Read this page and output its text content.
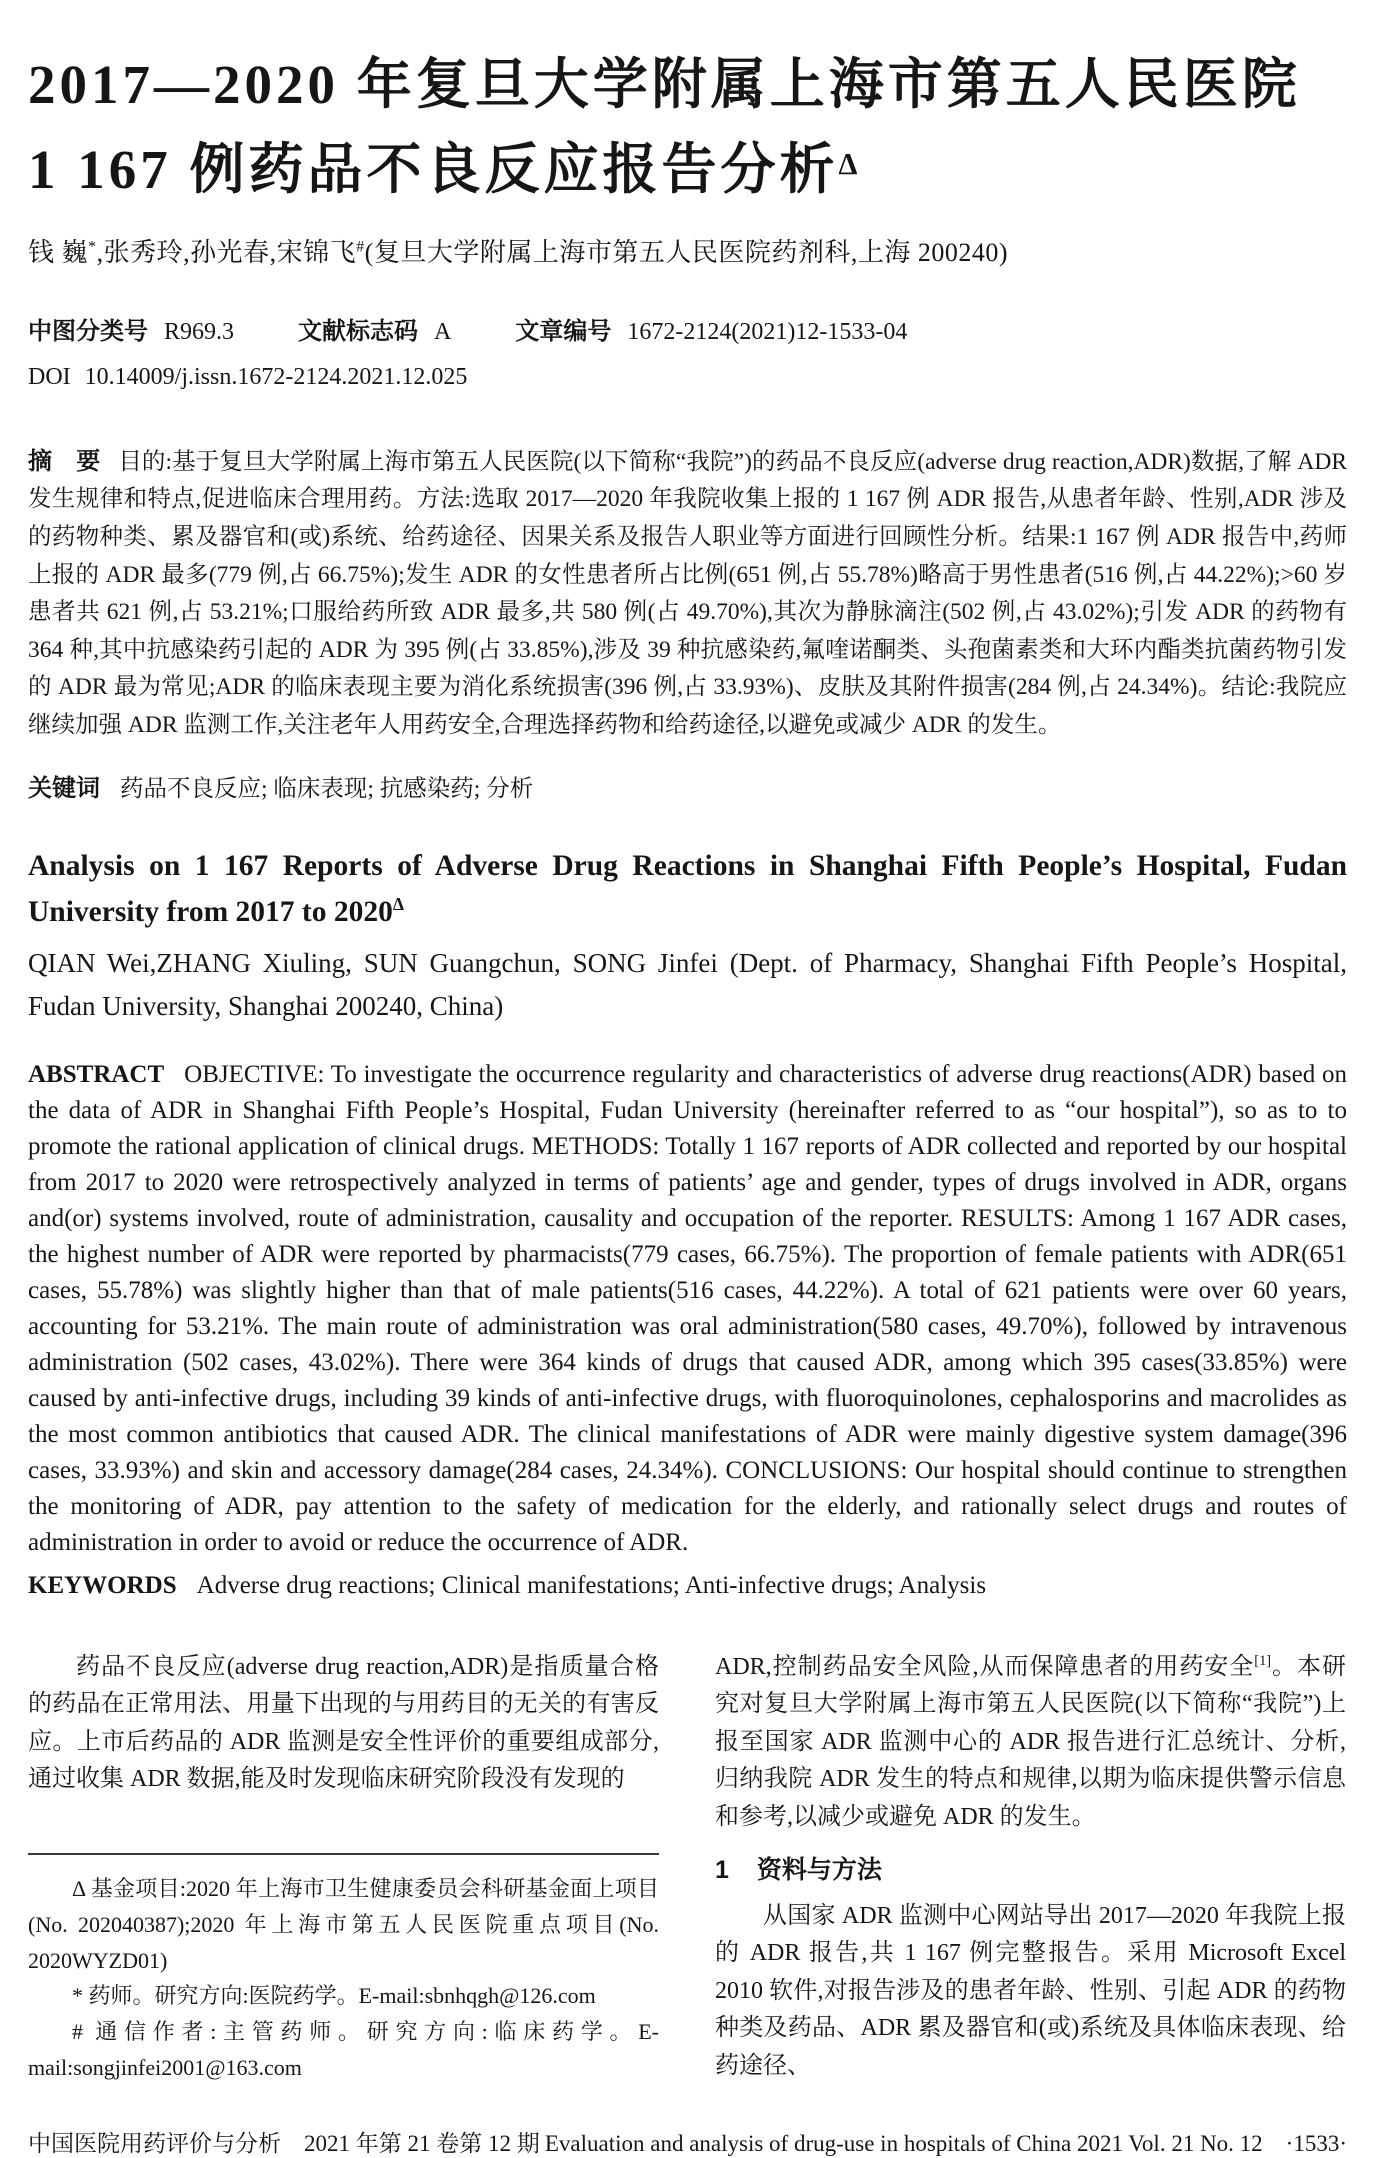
2017—2020 年复旦大学附属上海市第五人民医院
1 167 例药品不良反应报告分析$^\Delta$
钱 巍*,张秀玲,孙光春,宋锦飞#(复旦大学附属上海市第五人民医院药剂科,上海 200240)
中图分类号 R969.3	文献标志码 A	文章编号 1672-2124(2021)12-1533-04
DOI 10.14009/j.issn.1672-2124.2021.12.025

摘　要 目的:基于复旦大学附属上海市第五人民医院(以下简称“我院”)的药品不良反应(adverse drug reaction,ADR)数据,了解 ADR 发生规律和特点,促进临床合理用药。方法:选取 2017—2020 年我院收集上报的 1 167 例 ADR 报告,从患者年龄、性别,ADR 涉及的药物种类、累及器官和(或)系统、给药途径、因果关系及报告人职业等方面进行回顾性分析。结果:1 167 例 ADR 报告中,药师上报的 ADR 最多(779 例,占 66.75%);发生 ADR 的女性患者所占比例(651 例,占 55.78%)略高于男性患者(516 例,占 44.22%);>60 岁患者共 621 例,占 53.21%;口服给药所致 ADR 最多,共 580 例(占 49.70%),其次为静脉滴注(502 例,占 43.02%);引发 ADR 的药物有 364 种,其中抗感染药引起的 ADR 为 395 例(占 33.85%),涉及 39 种抗感染药,氟喹诺酮类、头孢菌素类和大环内酯类抗菌药物引发的 ADR 最为常见;ADR 的临床表现主要为消化系统损害(396 例,占 33.93%)、皮肤及其附件损害(284 例,占 24.34%)。结论:我院应继续加强 ADR 监测工作,关注老年人用药安全,合理选择药物和给药途径,以避免或减少 ADR 的发生。

关键词 药品不良反应; 临床表现; 抗感染药; 分析

Analysis on 1 167 Reports of Adverse Drug Reactions in Shanghai Fifth People’s Hospital, Fudan University from 2017 to $2020^\Delta$
QIAN Wei,ZHANG Xiuling, SUN Guangchun, SONG Jinfei (Dept. of Pharmacy, Shanghai Fifth People’s Hospital, Fudan University, Shanghai 200240, China)

ABSTRACT OBJECTIVE: To investigate the occurrence regularity and characteristics of adverse drug reactions(ADR) based on the data of ADR in Shanghai Fifth People’s Hospital, Fudan University (hereinafter referred to as “our hospital”), so as to to promote the rational application of clinical drugs. METHODS: Totally 1 167 reports of ADR collected and reported by our hospital from 2017 to 2020 were retrospectively analyzed in terms of patients’ age and gender, types of drugs involved in ADR, organs and(or) systems involved, route of administration, causality and occupation of the reporter. RESULTS: Among 1 167 ADR cases, the highest number of ADR were reported by pharmacists(779 cases, 66.75%). The proportion of female patients with ADR(651 cases, 55.78%) was slightly higher than that of male patients(516 cases, 44.22%). A total of 621 patients were over 60 years, accounting for 53.21%. The main route of administration was oral administration(580 cases, 49.70%), followed by intravenous administration (502 cases, 43.02%). There were 364 kinds of drugs that caused ADR, among which 395 cases(33.85%) were caused by anti-infective drugs, including 39 kinds of anti-infective drugs, with fluoroquinolones, cephalosporins and macrolides as the most common antibiotics that caused ADR. The clinical manifestations of ADR were mainly digestive system damage(396 cases, 33.93%) and skin and accessory damage(284 cases, 24.34%). CONCLUSIONS: Our hospital should continue to strengthen the monitoring of ADR, pay attention to the safety of medication for the elderly, and rationally select drugs and routes of administration in order to avoid or reduce the occurrence of ADR.

KEYWORDS Adverse drug reactions; Clinical manifestations; Anti-infective drugs; Analysis

药品不良反应(adverse drug reaction,ADR)是指质量合格的药品在正常用法、用量下出现的与用药目的无关的有害反应。上市后药品的 ADR 监测是安全性评价的重要组成部分,通过收集 ADR 数据,能及时发现临床研究阶段没有发现的

Δ 基金项目:2020 年上海市卫生健康委员会科研基金面上项目(No. 202040387);2020 年上海市第五人民医院重点项目(No. 2020WYZD01)

* 药师。研究方向:医院药学。E-mail:sbnhqgh@126.com

# 通信作者:主管药师。研究方向:临床药学。E-mail:songjinfei2001@163.com

ADR,控制药品安全风险,从而保障患者的用药安全[1]。本研究对复旦大学附属上海市第五人民医院(以下简称“我院”)上报至国家 ADR 监测中心的 ADR 报告进行汇总统计、分析,归纳我院 ADR 发生的特点和规律,以期为临床提供警示信息和参考,以减少或避免 ADR 的发生。

1 资料与方法

从国家 ADR 监测中心网站导出 2017—2020 年我院上报的 ADR 报告,共 1 167 例完整报告。采用 Microsoft Excel 2010 软件,对报告涉及的患者年龄、性别、引起 ADR 的药物种类及药品、ADR 累及器官和(或)系统及具体临床表现、给药途径、

中国医院用药评价与分析　2021 年第 21 卷第 12 期 Evaluation and analysis of drug-use in hospitals of China 2021 Vol. 21 No. 12　·1533·
